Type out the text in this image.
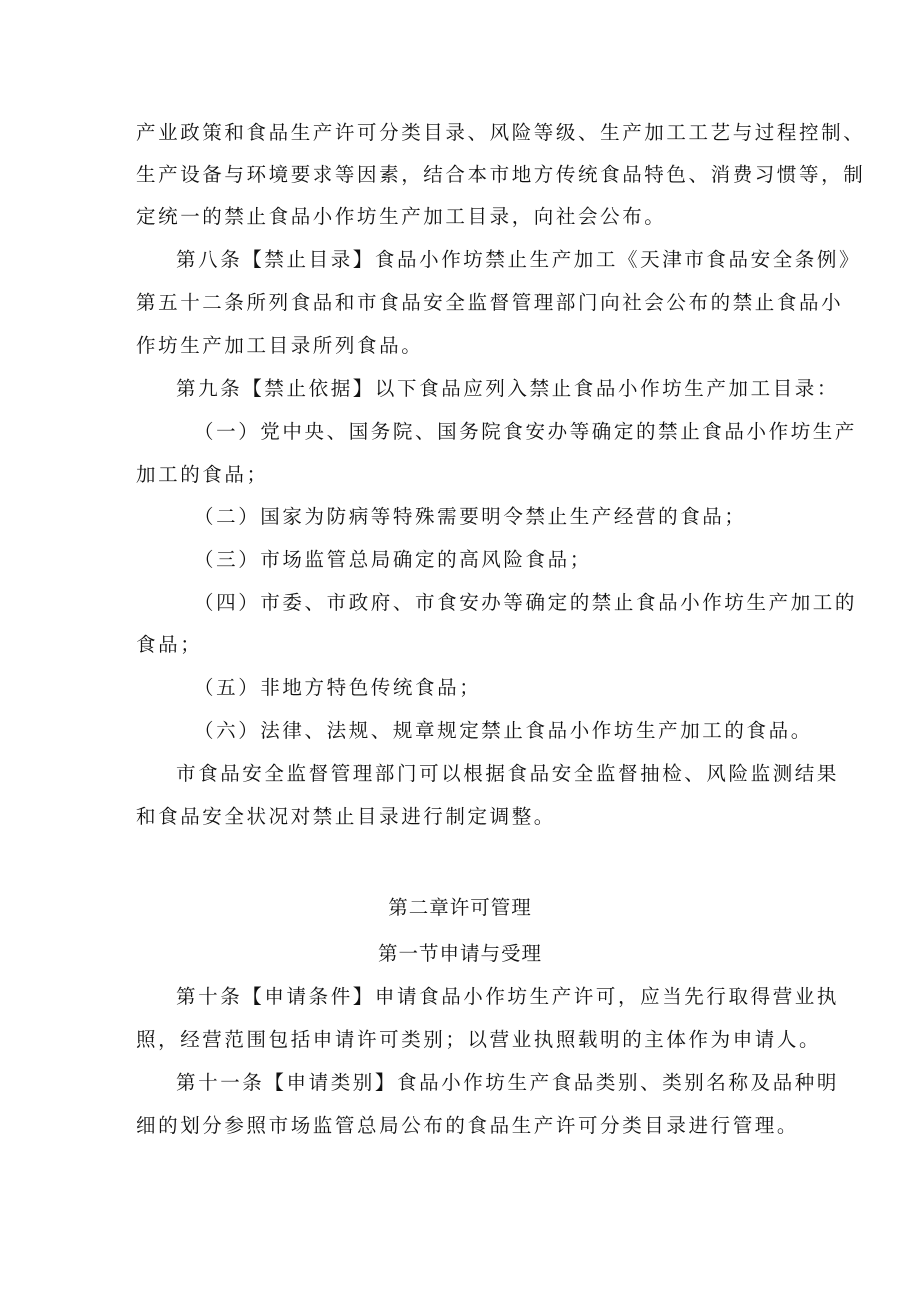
产业政策和食品生产许可分类目录、风险等级、生产加工工艺与过程控制、
生产设备与环境要求等因素，结合本市地方传统食品特色、消费习惯等，制
定统一的禁止食品小作坊生产加工目录，向社会公布。
第八条【禁止目录】食品小作坊禁止生产加工《天津市食品安全条例》
第五十二条所列食品和市食品安全监督管理部门向社会公布的禁止食品小
作坊生产加工目录所列食品。
第九条【禁止依据】以下食品应列入禁止食品小作坊生产加工目录：
（一）党中央、国务院、国务院食安办等确定的禁止食品小作坊生产
加工的食品；
（二）国家为防病等特殊需要明令禁止生产经营的食品；
（三）市场监管总局确定的高风险食品；
（四）市委、市政府、市食安办等确定的禁止食品小作坊生产加工的
食品；
（五）非地方特色传统食品；
（六）法律、法规、规章规定禁止食品小作坊生产加工的食品。
市食品安全监督管理部门可以根据食品安全监督抽检、风险监测结果
和食品安全状况对禁止目录进行制定调整。
第二章许可管理
第一节申请与受理
第十条【申请条件】申请食品小作坊生产许可，应当先行取得营业执
照，经营范围包括申请许可类别；以营业执照载明的主体作为申请人。
第十一条【申请类别】食品小作坊生产食品类别、类别名称及品种明
细的划分参照市场监管总局公布的食品生产许可分类目录进行管理。
